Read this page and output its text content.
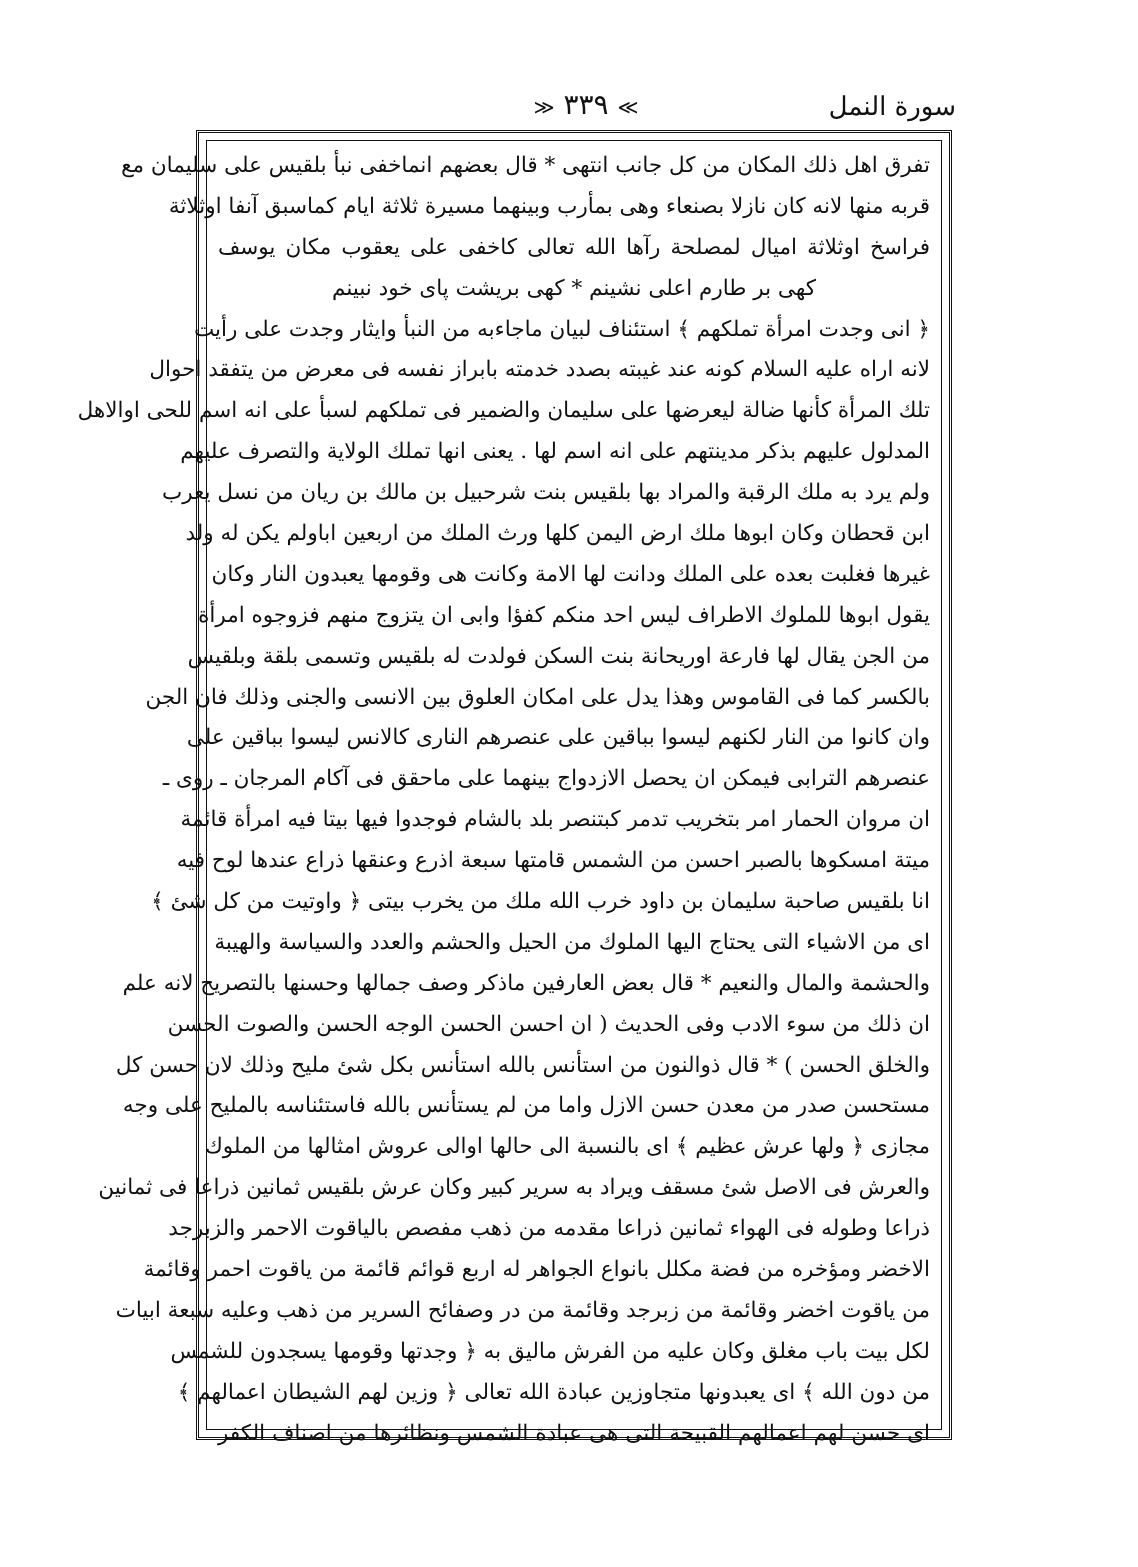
سورة النمل
≫ ٣٣٩ ≪
تفرق اهل ذلك المكان من كل جانب انتهى * قال بعضهم انماخفى نبأ بلقيس على سليمان مع
قربه منها لانه كان نازلا بصنعاء وهى بمأرب وبينهما مسيرة ثلاثة ايام كماسبق آنفا اوثلاثة
فراسخ اوثلاثة اميال لمصلحة رآها الله تعالى كاخفى على يعقوب مكان يوسف
كهى بر طارم اعلى نشينم * كهى بريشت پاى خود نبينم
﴿ انى وجدت امرأة تملكهم ﴾ استئناف لبيان ماجاءبه من النبأ وايثار وجدت على رأيت
لانه اراه عليه السلام كونه عند غيبته بصدد خدمته بابراز نفسه فى معرض من يتفقد احوال
تلك المرأة كأنها ضالة ليعرضها على سليمان والضمير فى تملكهم لسبأ على انه اسم للحى اوالاهل
المدلول عليهم بذكر مدينتهم على انه اسم لها . يعنى انها تملك الولاية والتصرف عليهم
ولم يرد به ملك الرقبة والمراد بها بلقيس بنت شرحبيل بن مالك بن ريان من نسل يعرب
ابن قحطان وكان ابوها ملك ارض اليمن كلها ورث الملك من اربعين اباولم يكن له ولد
غيرها فغلبت بعده على الملك ودانت لها الامة وكانت هى وقومها يعبدون النار وكان
يقول ابوها للملوك الاطراف ليس احد منكم كفؤا وابى ان يتزوج منهم فزوجوه امرأة
من الجن يقال لها فارعة اوريحانة بنت السكن فولدت له بلقيس وتسمى بلقة وبلقيس
بالكسر كما فى القاموس وهذا يدل على امكان العلوق بين الانسى والجنى وذلك فان الجن
وان كانوا من النار لكنهم ليسوا بباقين على عنصرهم النارى كالانس ليسوا بباقين على
عنصرهم الترابى فيمكن ان يحصل الازدواج بينهما على ماحقق فى آكام المرجان ـ روى ـ
ان مروان الحمار امر بتخريب تدمر كبتنصر بلد بالشام فوجدوا فيها بيتا فيه امرأة قائمة
ميتة امسكوها بالصبر احسن من الشمس قامتها سبعة اذرع وعنقها ذراع عندها لوح فيه
انا بلقيس صاحبة سليمان بن داود خرب الله ملك من يخرب بيتى ﴿ واوتيت من كل شئ ﴾
اى من الاشياء التى يحتاج اليها الملوك من الحيل والحشم والعدد والسياسة والهيبة
والحشمة والمال والنعيم * قال بعض العارفين ماذكر وصف جمالها وحسنها بالتصريح لانه علم
ان ذلك من سوء الادب وفى الحديث ( ان احسن الحسن الوجه الحسن والصوت الحسن
والخلق الحسن ) * قال ذوالنون من استأنس بالله استأنس بكل شئ مليح وذلك لان حسن كل
مستحسن صدر من معدن حسن الازل واما من لم يستأنس بالله فاستئناسه بالمليح على وجه
مجازى ﴿ ولها عرش عظيم ﴾ اى بالنسبة الى حالها اوالى عروش امثالها من الملوك
والعرش فى الاصل شئ مسقف ويراد به سرير كبير وكان عرش بلقيس ثمانين ذراعا فى ثمانين
ذراعا وطوله فى الهواء ثمانين ذراعا مقدمه من ذهب مفصص بالياقوت الاحمر والزبرجد
الاخضر ومؤخره من فضة مكلل بانواع الجواهر له اربع قوائم قائمة من ياقوت احمر وقائمة
من ياقوت اخضر وقائمة من زبرجد وقائمة من در وصفائح السرير من ذهب وعليه سبعة ابيات
لكل بيت باب مغلق وكان عليه من الفرش ماليق به ﴿ وجدتها وقومها يسجدون للشمس
من دون الله ﴾ اى يعبدونها متجاوزين عبادة الله تعالى ﴿ وزين لهم الشيطان اعمالهم ﴾
اى حسن لهم اعمالهم القبيحة التى هى عبادة الشمس ونظائرها من اصناف الكفر
